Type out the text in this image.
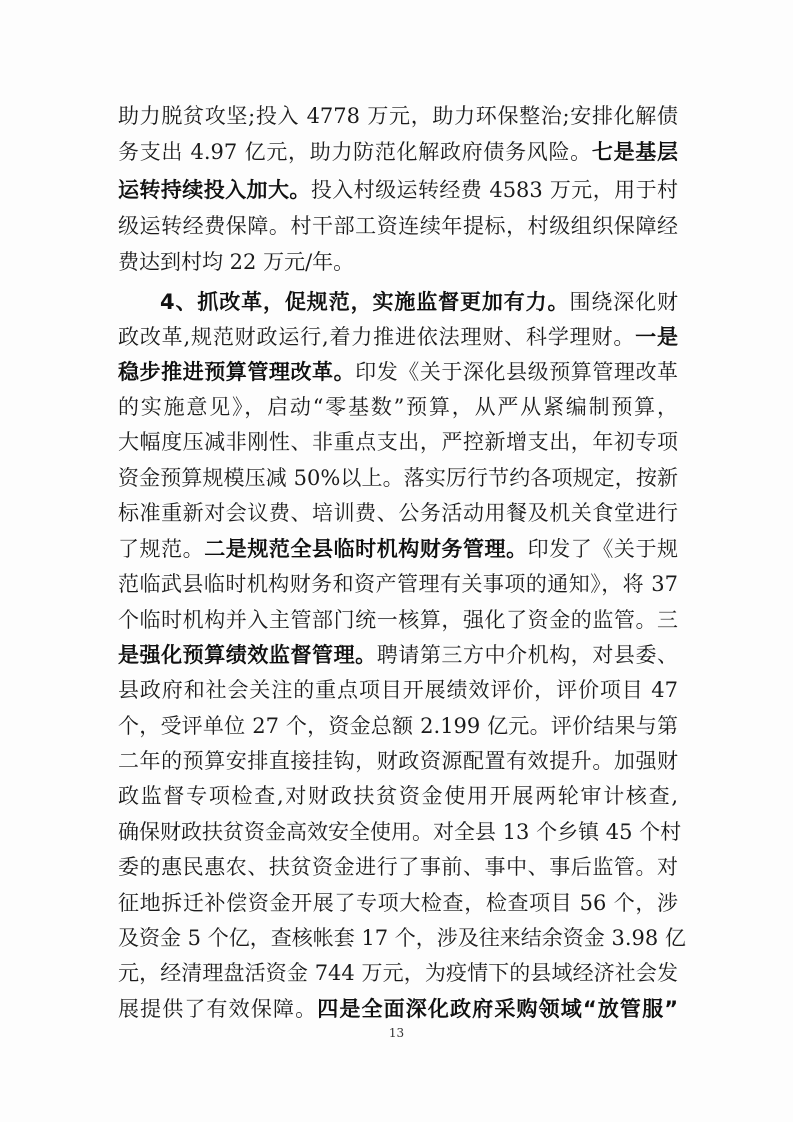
助力脱贫攻坚;投入 4778 万元，助力环保整治;安排化解债
务支出 4.97 亿元，助力防范化解政府债务风险。七是基层
运转持续投入加大。投入村级运转经费 4583 万元，用于村
级运转经费保障。村干部工资连续年提标，村级组织保障经
费达到村均 22 万元/年。
4、抓改革，促规范，实施监督更加有力。围绕深化财
政改革,规范财政运行,着力推进依法理财、科学理财。一是
稳步推进预算管理改革。印发《关于深化县级预算管理改革
的实施意见》，启动“零基数”预算，从严从紧编制预算，
大幅度压减非刚性、非重点支出，严控新增支出，年初专项
资金预算规模压减 50%以上。落实厉行节约各项规定，按新
标准重新对会议费、培训费、公务活动用餐及机关食堂进行
了规范。二是规范全县临时机构财务管理。印发了《关于规
范临武县临时机构财务和资产管理有关事项的通知》，将 37
个临时机构并入主管部门统一核算，强化了资金的监管。三
是强化预算绩效监督管理。聘请第三方中介机构，对县委、
县政府和社会关注的重点项目开展绩效评价，评价项目 47
个，受评单位 27 个，资金总额 2.199 亿元。评价结果与第
二年的预算安排直接挂钩，财政资源配置有效提升。加强财
政监督专项检查,对财政扶贫资金使用开展两轮审计核查,
确保财政扶贫资金高效安全使用。对全县 13 个乡镇 45 个村
委的惠民惠农、扶贫资金进行了事前、事中、事后监管。对
征地拆迁补偿资金开展了专项大检查，检查项目 56 个，涉
及资金 5 个亿，查核帐套 17 个，涉及往来结余资金 3.98 亿
元，经清理盘活资金 744 万元，为疫情下的县域经济社会发
展提供了有效保障。四是全面深化政府采购领域“放管服”
13
